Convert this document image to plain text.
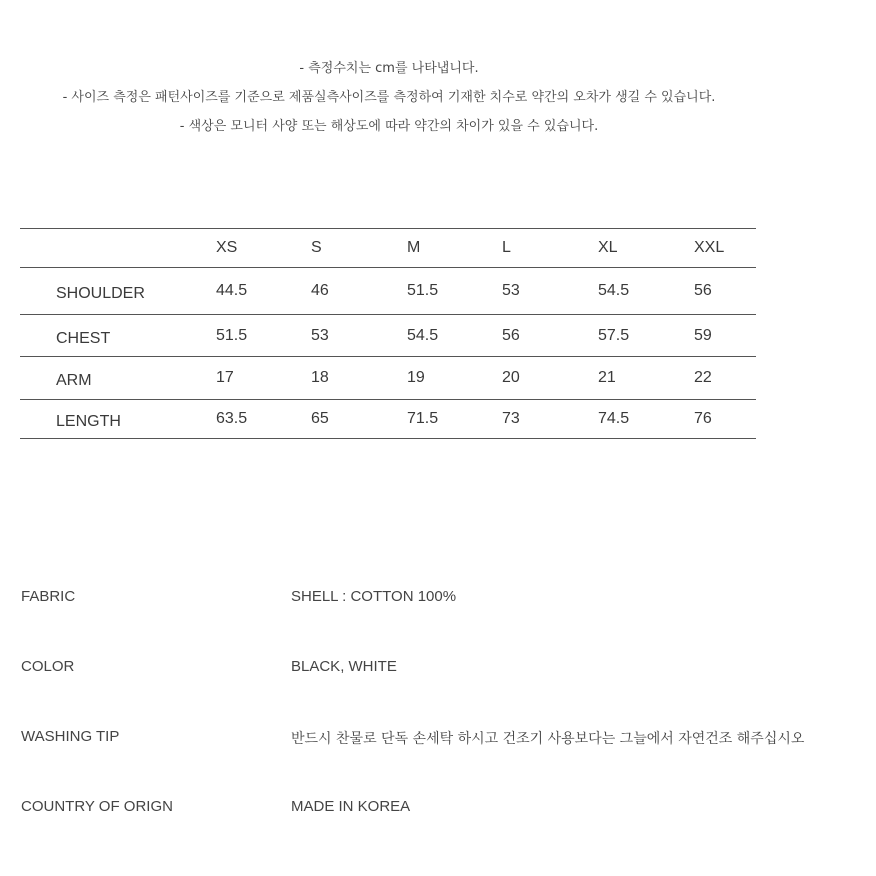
- 측정수치는 cm를 나타냅니다.
- 사이즈 측정은 패턴사이즈를 기준으로 제품실측사이즈를 측정하여 기재한 치수로 약간의 오차가 생길 수 있습니다.
- 색상은 모니터 사양 또는 해상도에 따라 약간의 차이가 있을 수 있습니다.
	XS	S	M	L	XL	XXL
SHOULDER	44.5	46	51.5	53	54.5	56
CHEST	51.5	53	54.5	56	57.5	59
ARM	17	18	19	20	21	22
LENGTH	63.5	65	71.5	73	74.5	76
FABRIC	SHELL : COTTON 100%
COLOR	BLACK, WHITE
WASHING TIP	반드시 찬물로 단독 손세탁 하시고 건조기 사용보다는 그늘에서 자연건조 해주십시오
COUNTRY OF ORIGN	MADE IN KOREA
